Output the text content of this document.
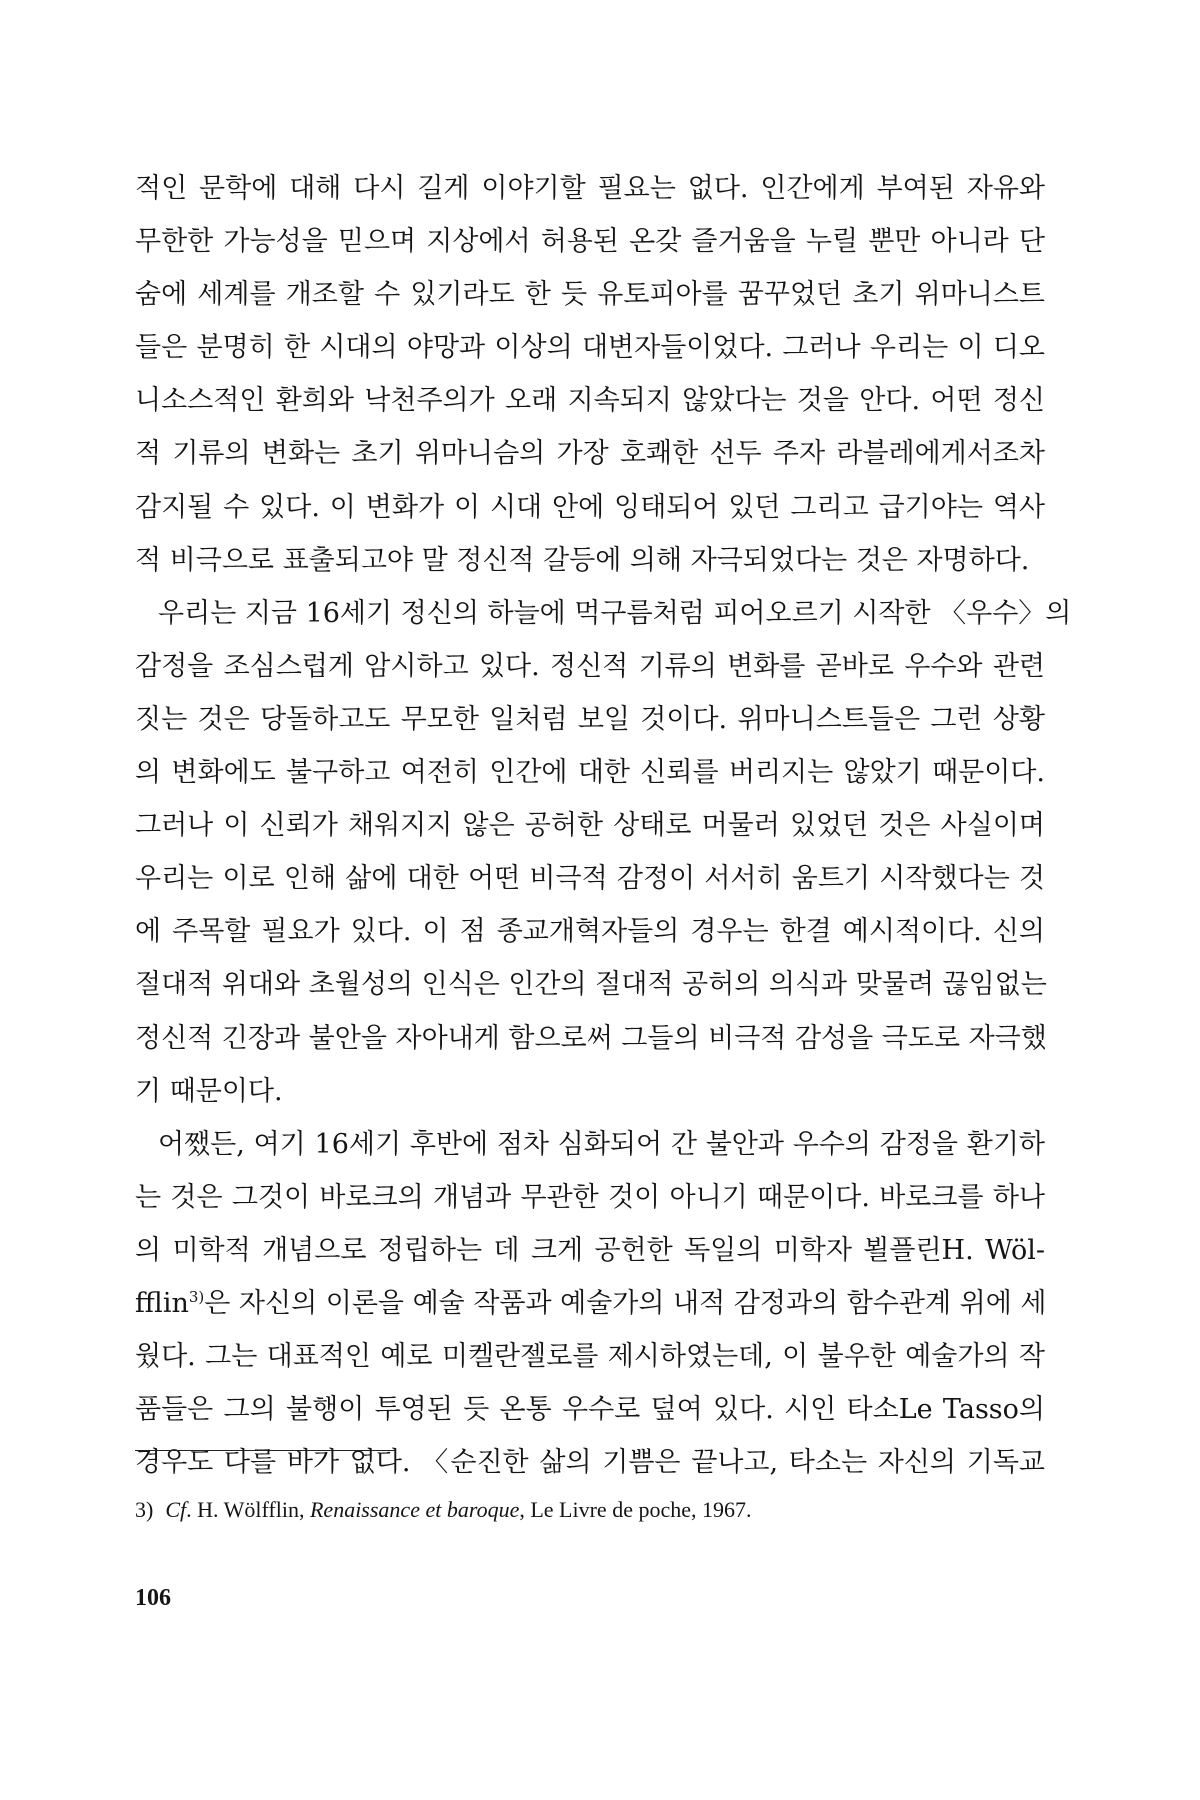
적인 문학에 대해 다시 길게 이야기할 필요는 없다. 인간에게 부여된 자유와
무한한 가능성을 믿으며 지상에서 허용된 온갖 즐거움을 누릴 뿐만 아니라 단
숨에 세계를 개조할 수 있기라도 한 듯 유토피아를 꿈꾸었던 초기 위마니스트
들은 분명히 한 시대의 야망과 이상의 대변자들이었다. 그러나 우리는 이 디오
니소스적인 환희와 낙천주의가 오래 지속되지 않았다는 것을 안다. 어떤 정신
적 기류의 변화는 초기 위마니슴의 가장 호쾌한 선두 주자 라블레에게서조차
감지될 수 있다. 이 변화가 이 시대 안에 잉태되어 있던 그리고 급기야는 역사
적 비극으로 표출되고야 말 정신적 갈등에 의해 자극되었다는 것은 자명하다.
우리는 지금 16세기 정신의 하늘에 먹구름처럼 피어오르기 시작한 〈우수〉의
감정을 조심스럽게 암시하고 있다. 정신적 기류의 변화를 곧바로 우수와 관련
짓는 것은 당돌하고도 무모한 일처럼 보일 것이다. 위마니스트들은 그런 상황
의 변화에도 불구하고 여전히 인간에 대한 신뢰를 버리지는 않았기 때문이다.
그러나 이 신뢰가 채워지지 않은 공허한 상태로 머물러 있었던 것은 사실이며
우리는 이로 인해 삶에 대한 어떤 비극적 감정이 서서히 움트기 시작했다는 것
에 주목할 필요가 있다. 이 점 종교개혁자들의 경우는 한결 예시적이다. 신의
절대적 위대와 초월성의 인식은 인간의 절대적 공허의 의식과 맞물려 끊임없는
정신적 긴장과 불안을 자아내게 함으로써 그들의 비극적 감성을 극도로 자극했
기 때문이다.
어쨌든, 여기 16세기 후반에 점차 심화되어 간 불안과 우수의 감정을 환기하
는 것은 그것이 바로크의 개념과 무관한 것이 아니기 때문이다. 바로크를 하나
의 미학적 개념으로 정립하는 데 크게 공헌한 독일의 미학자 뵐플린H. Wöl-
fflin$^{3)}$은 자신의 이론을 예술 작품과 예술가의 내적 감정과의 함수관계 위에 세
웠다. 그는 대표적인 예로 미켈란젤로를 제시하였는데, 이 불우한 예술가의 작
품들은 그의 불행이 투영된 듯 온통 우수로 덮여 있다. 시인 타소Le Tasso의
경우도 다를 바가 없다. 〈순진한 삶의 기쁨은 끝나고, 타소는 자신의 기독교
3) Cf. H. Wölfflin, Renaissance et baroque, Le Livre de poche, 1967.
106
